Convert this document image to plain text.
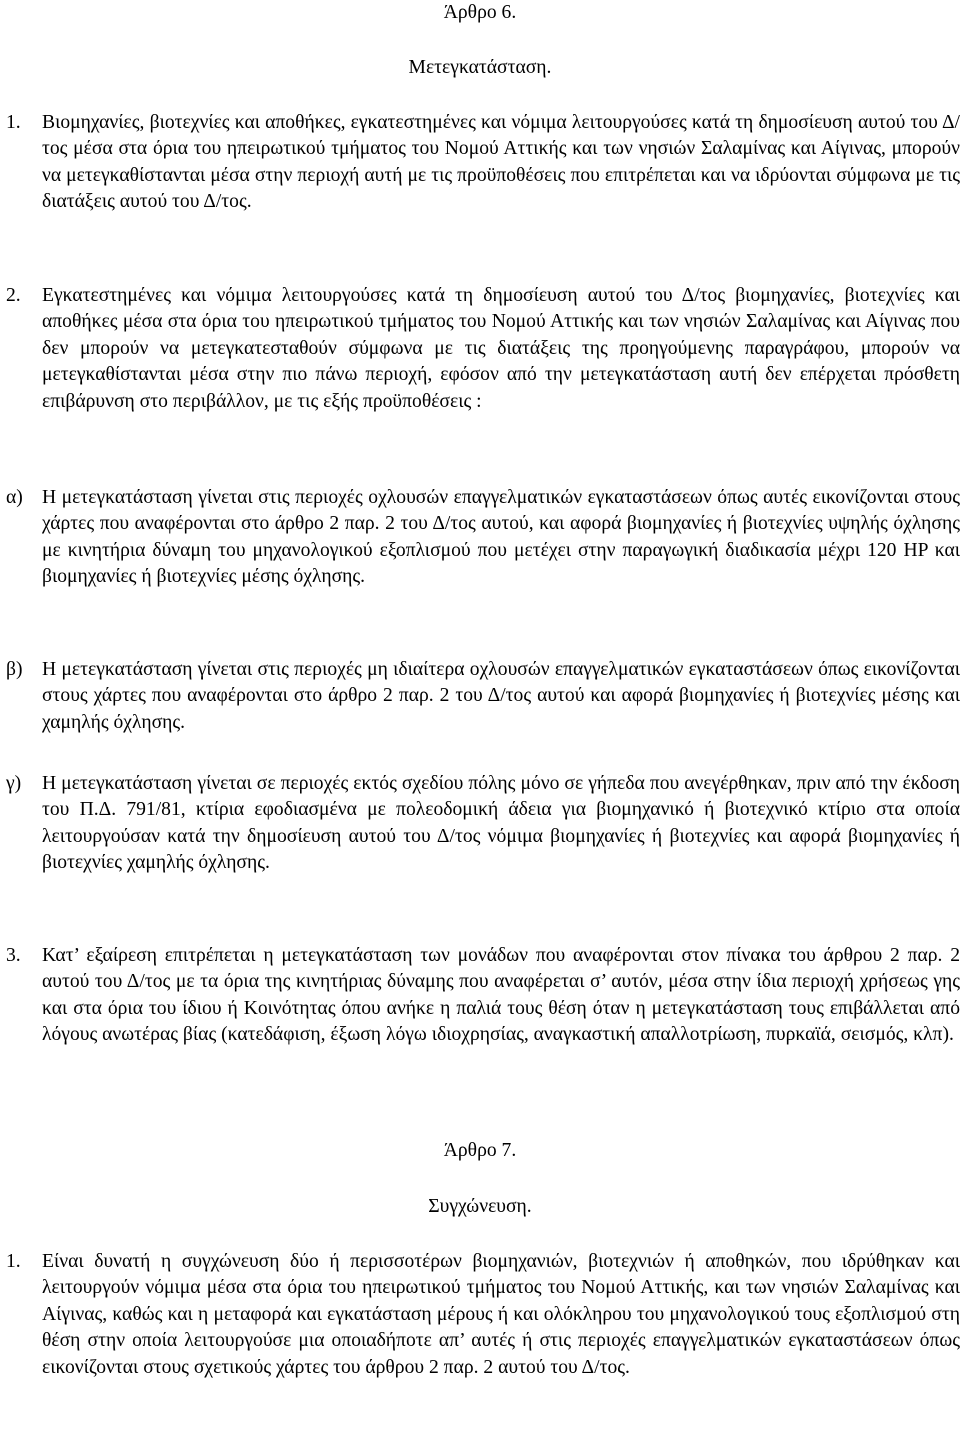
Άρθρο 6.
Μετεγκατάσταση.
1. Βιομηχανίες, βιοτεχνίες και αποθήκες, εγκατεστημένες και νόμιμα λειτουργούσες κατά τη δημοσίευση αυτού του Δ/τος μέσα στα όρια του ηπειρωτικού τμήματος του Νομού Αττικής και των νησιών Σαλαμίνας και Αίγινας, μπορούν να μετεγκαθίστανται μέσα στην περιοχή αυτή με τις προϋποθέσεις που επιτρέπεται και να ιδρύονται σύμφωνα με τις διατάξεις αυτού του Δ/τος.

2. Εγκατεστημένες και νόμιμα λειτουργούσες κατά τη δημοσίευση αυτού του Δ/τος βιομηχανίες, βιοτεχνίες και αποθήκες μέσα στα όρια του ηπειρωτικού τμήματος του Νομού Αττικής και των νησιών Σαλαμίνας και Αίγινας που δεν μπορούν να μετεγκατεσταθούν σύμφωνα με τις διατάξεις της προηγούμενης παραγράφου, μπορούν να μετεγκαθίστανται μέσα στην πιο πάνω περιοχή, εφόσον από την μετεγκατάσταση αυτή δεν επέρχεται πρόσθετη επιβάρυνση στο περιβάλλον, με τις εξής προϋποθέσεις :

α) Η μετεγκατάσταση γίνεται στις περιοχές οχλουσών επαγγελματικών εγκαταστάσεων όπως αυτές εικονίζονται στους χάρτες που αναφέρονται στο άρθρο 2 παρ. 2 του Δ/τος αυτού, και αφορά βιομηχανίες ή βιοτεχνίες υψηλής όχλησης με κινητήρια δύναμη του μηχανολογικού εξοπλισμού που μετέχει στην παραγωγική διαδικασία μέχρι 120 HP και βιομηχανίες ή βιοτεχνίες μέσης όχλησης.

β) Η μετεγκατάσταση γίνεται στις περιοχές μη ιδιαίτερα οχλουσών επαγγελματικών εγκαταστάσεων όπως εικονίζονται στους χάρτες που αναφέρονται στο άρθρο 2 παρ. 2 του Δ/τος αυτού και αφορά βιομηχανίες ή βιοτεχνίες μέσης και χαμηλής όχλησης.

γ) Η μετεγκατάσταση γίνεται σε περιοχές εκτός σχεδίου πόλης μόνο σε γήπεδα που ανεγέρθηκαν, πριν από την έκδοση του Π.Δ. 791/81, κτίρια εφοδιασμένα με πολεοδομική άδεια για βιομηχανικό ή βιοτεχνικό κτίριο στα οποία λειτουργούσαν κατά την δημοσίευση αυτού του Δ/τος νόμιμα βιομηχανίες ή βιοτεχνίες και αφορά βιομηχανίες ή βιοτεχνίες χαμηλής όχλησης.

3. Κατ’ εξαίρεση επιτρέπεται η μετεγκατάσταση των μονάδων που αναφέρονται στον πίνακα του άρθρου 2 παρ. 2 αυτού του Δ/τος με τα όρια της κινητήριας δύναμης που αναφέρεται σ’ αυτόν, μέσα στην ίδια περιοχή χρήσεως γης και στα όρια του ίδιου ή Κοινότητας όπου ανήκε η παλιά τους θέση όταν η μετεγκατάσταση τους επιβάλλεται από λόγους ανωτέρας βίας (κατεδάφιση, έξωση λόγω ιδιοχρησίας, αναγκαστική απαλλοτρίωση, πυρκαϊά, σεισμός, κλπ).

Άρθρο 7.
Συγχώνευση.
1. Είναι δυνατή η συγχώνευση δύο ή περισσοτέρων βιομηχανιών, βιοτεχνιών ή αποθηκών, που ιδρύθηκαν και λειτουργούν νόμιμα μέσα στα όρια του ηπειρωτικού τμήματος του Νομού Αττικής, και των νησιών Σαλαμίνας και Αίγινας, καθώς και η μεταφορά και εγκατάσταση μέρους ή και ολόκληρου του μηχανολογικού τους εξοπλισμού στη θέση στην οποία λειτουργούσε μια οποιαδήποτε απ’ αυτές ή στις περιοχές επαγγελματικών εγκαταστάσεων όπως εικονίζονται στους σχετικούς χάρτες του άρθρου 2 παρ. 2 αυτού του Δ/τος.
